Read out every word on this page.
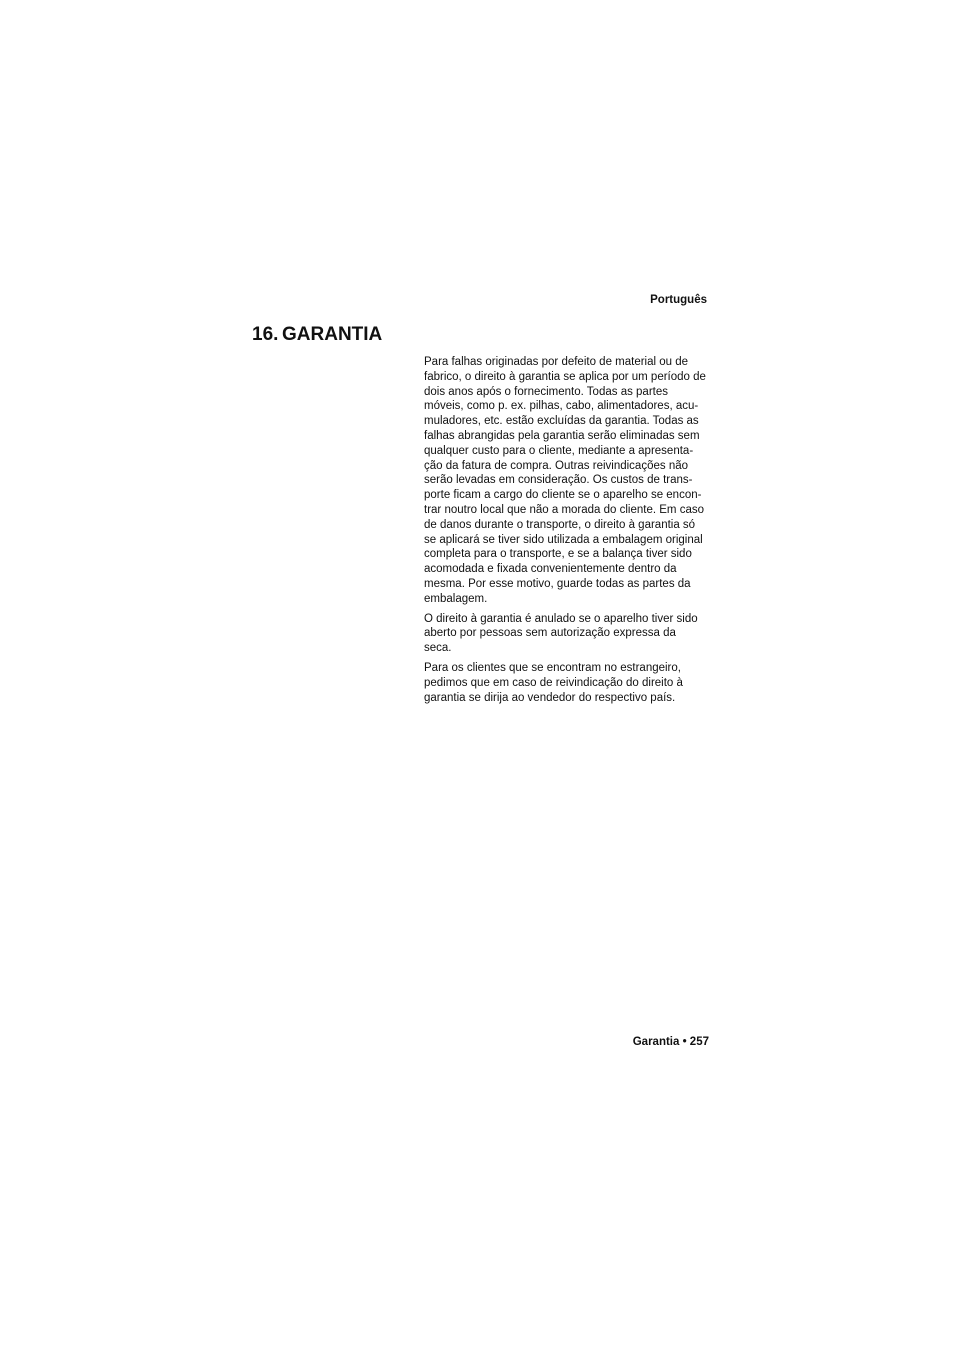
Português
16. GARANTIA

Para falhas originadas por defeito de material ou de
fabrico, o direito à garantia se aplica por um período de
dois anos após o fornecimento. Todas as partes
móveis, como p. ex. pilhas, cabo, alimentadores, acu-
muladores, etc. estão excluídas da garantia. Todas as
falhas abrangidas pela garantia serão eliminadas sem
qualquer custo para o cliente, mediante a apresenta-
ção da fatura de compra. Outras reivindicações não
serão levadas em consideração. Os custos de trans-
porte ficam a cargo do cliente se o aparelho se encon-
trar noutro local que não a morada do cliente. Em caso
de danos durante o transporte, o direito à garantia só
se aplicará se tiver sido utilizada a embalagem original
completa para o transporte, e se a balança tiver sido
acomodada e fixada convenientemente dentro da
mesma. Por esse motivo, guarde todas as partes da
embalagem.

O direito à garantia é anulado se o aparelho tiver sido
aberto por pessoas sem autorização expressa da
seca.

Para os clientes que se encontram no estrangeiro,
pedimos que em caso de reivindicação do direito à
garantia se dirija ao vendedor do respectivo país.

Garantia • 257
